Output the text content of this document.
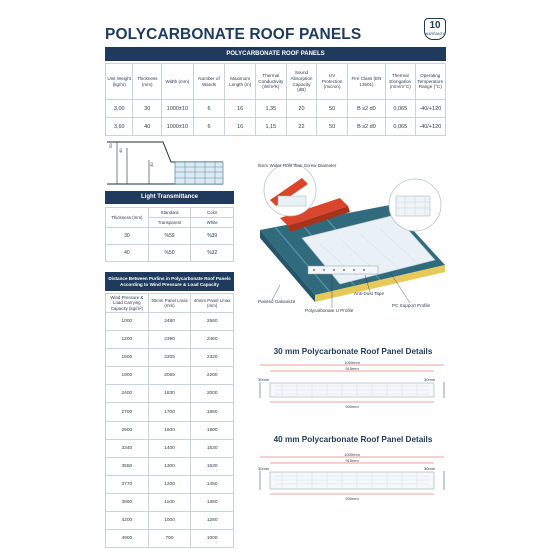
POLYCARBONATE ROOF PANELS
10
WARRANTY
POLYCARBONATE ROOF PANELS
Unit Weight (kg/m)	Thickness (mm)	Width (mm)	Number of Wands	Maximum Length (m)	Thermal Conductivity (W/m²K)	Sound Absorption Capacity (dB)	UV Protection (micron)	Fire Class (EN 13501)	Thermal Elongation (mm/m°C)	Operating Temperature Range (°C)
3,00	30	1000±10	6	16	1,35	20	50	B s2 d0	0,065	-40/+120
3,60	40	1000±10	6	16	1,15	22	50	B s2 d0	0,065	-40/+120
50
40
30
Light Transmittance
Thickness (mm)	Standard	Color
	Transparent	White
30	%59	%39
40	%50	%32
Distance Between Purlins in Polycarbonate Roof Panels According to Wind Pressure & Load Capacity
Wind Pressure & Load Carrying Capacity (kg/m²)	30mm Panel Lmax (mm)	40mm Panel Lmax (mm)
1000	2480	2560
1200	2390	2460
1600	2205	2320
1900	2065	2200
2400	1830	2000
2700	1700	1880
2900	1600	1800
3340	1400	1630
3550	1300	1530
3770	1200	1450
3990	1100	1360
4200	1000	1280
4900	700	1000
5mm Wider Hole than Screw Diameter
Anti-Dust Tape
Painted Galvanize
Polycarbonate U Profile
PC Support Profile
30 mm Polycarbonate Roof Panel Details
1000mm
915mm
30mm	30mm
930mm
40 mm Polycarbonate Roof Panel Details
1000mm
915mm
30mm	30mm
930mm
